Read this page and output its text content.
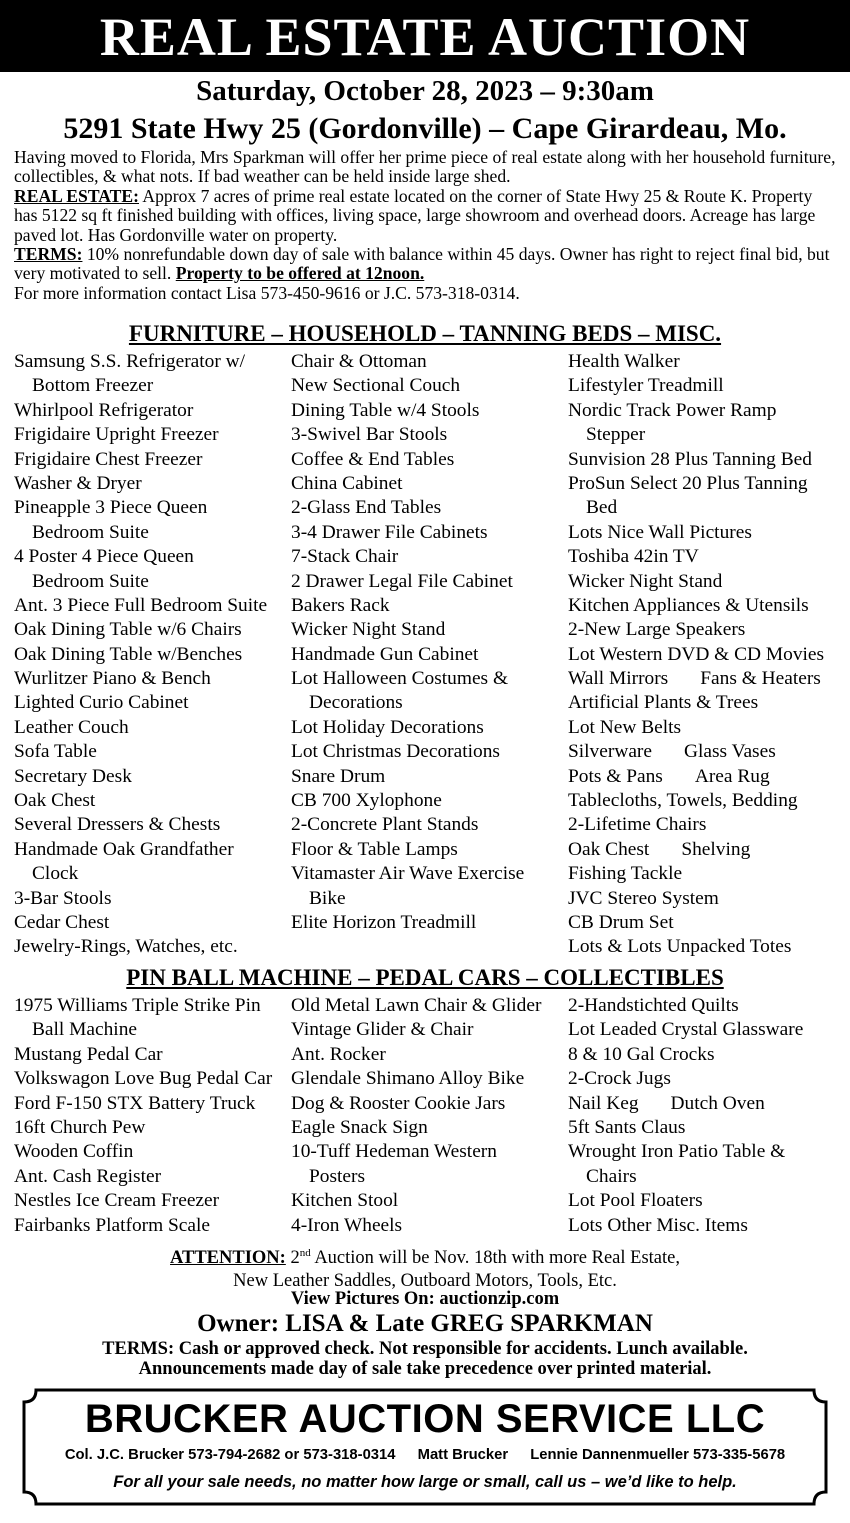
REAL ESTATE AUCTION
Saturday, October 28, 2023 – 9:30am
5291 State Hwy 25 (Gordonville) – Cape Girardeau, Mo.

Having moved to Florida, Mrs Sparkman will offer her prime piece of real estate along with her household furniture, collectibles, & what nots. If bad weather can be held inside large shed.

REAL ESTATE: Approx 7 acres of prime real estate located on the corner of State Hwy 25 & Route K. Property has 5122 sq ft finished building with offices, living space, large showroom and overhead doors. Acreage has large paved lot. Has Gordonville water on property.

TERMS: 10% nonrefundable down day of sale with balance within 45 days. Owner has right to reject final bid, but very motivated to sell. Property to be offered at 12noon.

For more information contact Lisa 573-450-9616 or J.C. 573-318-0314.

FURNITURE – HOUSEHOLD – TANNING BEDS – MISC.
Samsung S.S. Refrigerator w/
Bottom Freezer
Whirlpool Refrigerator
Frigidaire Upright Freezer
Frigidaire Chest Freezer
Washer & Dryer
Pineapple 3 Piece Queen
Bedroom Suite
4 Poster 4 Piece Queen
Bedroom Suite
Ant. 3 Piece Full Bedroom Suite
Oak Dining Table w/6 Chairs
Oak Dining Table w/Benches
Wurlitzer Piano & Bench
Lighted Curio Cabinet
Leather Couch
Sofa Table
Secretary Desk
Oak Chest
Several Dressers & Chests
Handmade Oak Grandfather
Clock
3-Bar Stools
Cedar Chest
Jewelry-Rings, Watches, etc.
Chair & Ottoman
New Sectional Couch
Dining Table w/4 Stools
3-Swivel Bar Stools
Coffee & End Tables
China Cabinet
2-Glass End Tables
3-4 Drawer File Cabinets
7-Stack Chair
2 Drawer Legal File Cabinet
Bakers Rack
Wicker Night Stand
Handmade Gun Cabinet
Lot Halloween Costumes &
Decorations
Lot Holiday Decorations
Lot Christmas Decorations
Snare Drum
CB 700 Xylophone
2-Concrete Plant Stands
Floor & Table Lamps
Vitamaster Air Wave Exercise
Bike
Elite Horizon Treadmill
Health Walker
Lifestyler Treadmill
Nordic Track Power Ramp
Stepper
Sunvision 28 Plus Tanning Bed
ProSun Select 20 Plus Tanning
Bed
Lots Nice Wall Pictures
Toshiba 42in TV
Wicker Night Stand
Kitchen Appliances & Utensils
2-New Large Speakers
Lot Western DVD & CD Movies
Wall Mirrors Fans & Heaters
Artificial Plants & Trees
Lot New Belts
Silverware Glass Vases
Pots & Pans Area Rug
Tablecloths, Towels, Bedding
2-Lifetime Chairs
Oak Chest Shelving
Fishing Tackle
JVC Stereo System
CB Drum Set
Lots & Lots Unpacked Totes
PIN BALL MACHINE – PEDAL CARS – COLLECTIBLES
1975 Williams Triple Strike Pin
Ball Machine
Mustang Pedal Car
Volkswagon Love Bug Pedal Car
Ford F-150 STX Battery Truck
16ft Church Pew
Wooden Coffin
Ant. Cash Register
Nestles Ice Cream Freezer
Fairbanks Platform Scale
Old Metal Lawn Chair & Glider
Vintage Glider & Chair
Ant. Rocker
Glendale Shimano Alloy Bike
Dog & Rooster Cookie Jars
Eagle Snack Sign
10-Tuff Hedeman Western
Posters
Kitchen Stool
4-Iron Wheels
2-Handstichted Quilts
Lot Leaded Crystal Glassware
8 & 10 Gal Crocks
2-Crock Jugs
Nail Keg Dutch Oven
5ft Sants Claus
Wrought Iron Patio Table &
Chairs
Lot Pool Floaters
Lots Other Misc. Items
ATTENTION: 2nd Auction will be Nov. 18th with more Real Estate,
New Leather Saddles, Outboard Motors, Tools, Etc.
View Pictures On: auctionzip.com
Owner: LISA & Late GREG SPARKMAN
TERMS: Cash or approved check. Not responsible for accidents. Lunch available.
Announcements made day of sale take precedence over printed material.
BRUCKER AUCTION SERVICE LLC
Col. J.C. Brucker 573-794-2682 or 573-318-0314 Matt Brucker Lennie Dannenmueller 573-335-5678
For all your sale needs, no matter how large or small, call us – we’d like to help.
